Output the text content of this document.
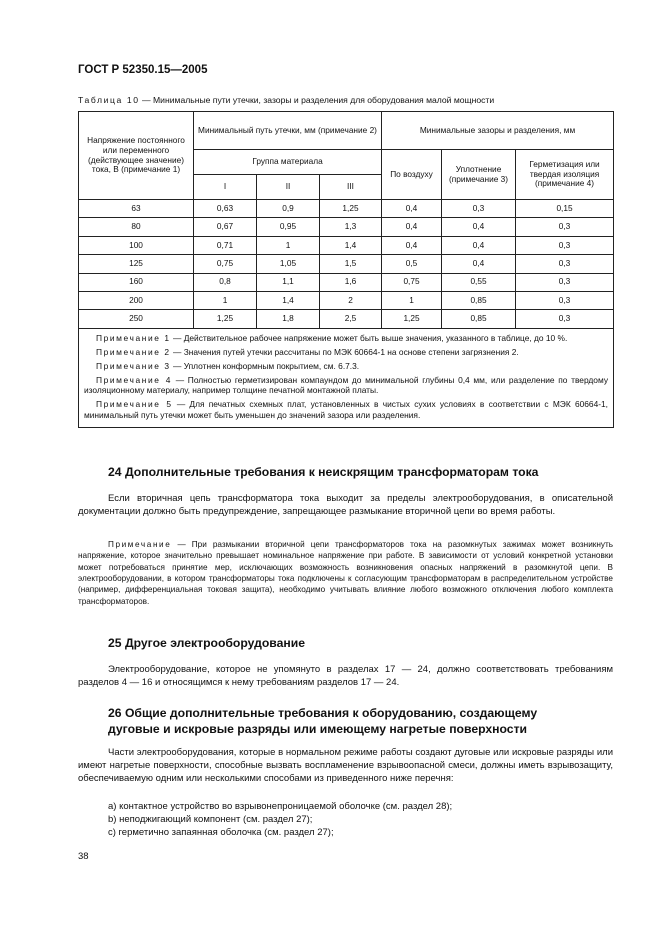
ГОСТ Р 52350.15—2005
Таблица 10 — Минимальные пути утечки, зазоры и разделения для оборудования малой мощности
Напряжение постоянного или переменного (действующее значение) тока, В (примечание 1)	Минимальный путь утечки, мм (примечание 2)			Минимальные зазоры и разделения, мм		
	Группа материала			По воздуху	Уплотнение (примечание 3)	Герметизация или твердая изоляция (примечание 4)
	I	II	III			
63	0,63	0,9	1,25	0,4	0,3	0,15
80	0,67	0,95	1,3	0,4	0,4	0,3
100	0,71	1	1,4	0,4	0,4	0,3
125	0,75	1,05	1,5	0,5	0,4	0,3
160	0,8	1,1	1,6	0,75	0,55	0,3
200	1	1,4	2	1	0,85	0,3
250	1,25	1,8	2,5	1,25	0,85	0,3

Примечание 1 — Действительное рабочее напряжение может быть выше значения, указанного в таблице, до 10 %.

Примечание 2 — Значения путей утечки рассчитаны по МЭК 60664-1 на основе степени загрязнения 2.

Примечание 3 — Уплотнен конформным покрытием, см. 6.7.3.

Примечание 4 — Полностью герметизирован компаундом до минимальной глубины 0,4 мм, или разделение по твердому изоляционному материалу, например толщине печатной монтажной платы.

Примечание 5 — Для печатных схемных плат, установленных в чистых сухих условиях в соответствии с МЭК 60664-1, минимальный путь утечки может быть уменьшен до значений зазора или разделения.						

24 Дополнительные требования к неискрящим трансформаторам тока

Если вторичная цепь трансформатора тока выходит за пределы электрооборудования, в описательной документации должно быть предупреждение, запрещающее размыкание вторичной цепи во время работы.

Примечание — При размыкании вторичной цепи трансформаторов тока на разомкнутых зажимах может возникнуть напряжение, которое значительно превышает номинальное напряжение при работе. В зависимости от условий конкретной установки может потребоваться принятие мер, исключающих возможность возникновения опасных напряжений в разомкнутой цепи. В электрооборудовании, в котором трансформаторы тока подключены к согласующим трансформаторам в распределительном устройстве (например, дифференциальная токовая защита), необходимо учитывать влияние любого возможного отключения любого комплекта трансформаторов.

25 Другое электрооборудование

Электрооборудование, которое не упомянуто в разделах 17 — 24, должно соответствовать требованиям разделов 4 — 16 и относящимся к нему требованиям разделов 17 — 24.

26 Общие дополнительные требования к оборудованию, создающему
дуговые и искровые разряды или имеющему нагретые поверхности

Части электрооборудования, которые в нормальном режиме работы создают дуговые или искровые разряды или имеют нагретые поверхности, способные вызвать воспламенение взрывоопасной смеси, должны иметь взрывозащиту, обеспечиваемую одним или несколькими способами из приведенного ниже перечня:

a) контактное устройство во взрывонепроницаемой оболочке (см. раздел 28);
b) неподжигающий компонент (см. раздел 27);
c) герметично запаянная оболочка (см. раздел 27);
38
